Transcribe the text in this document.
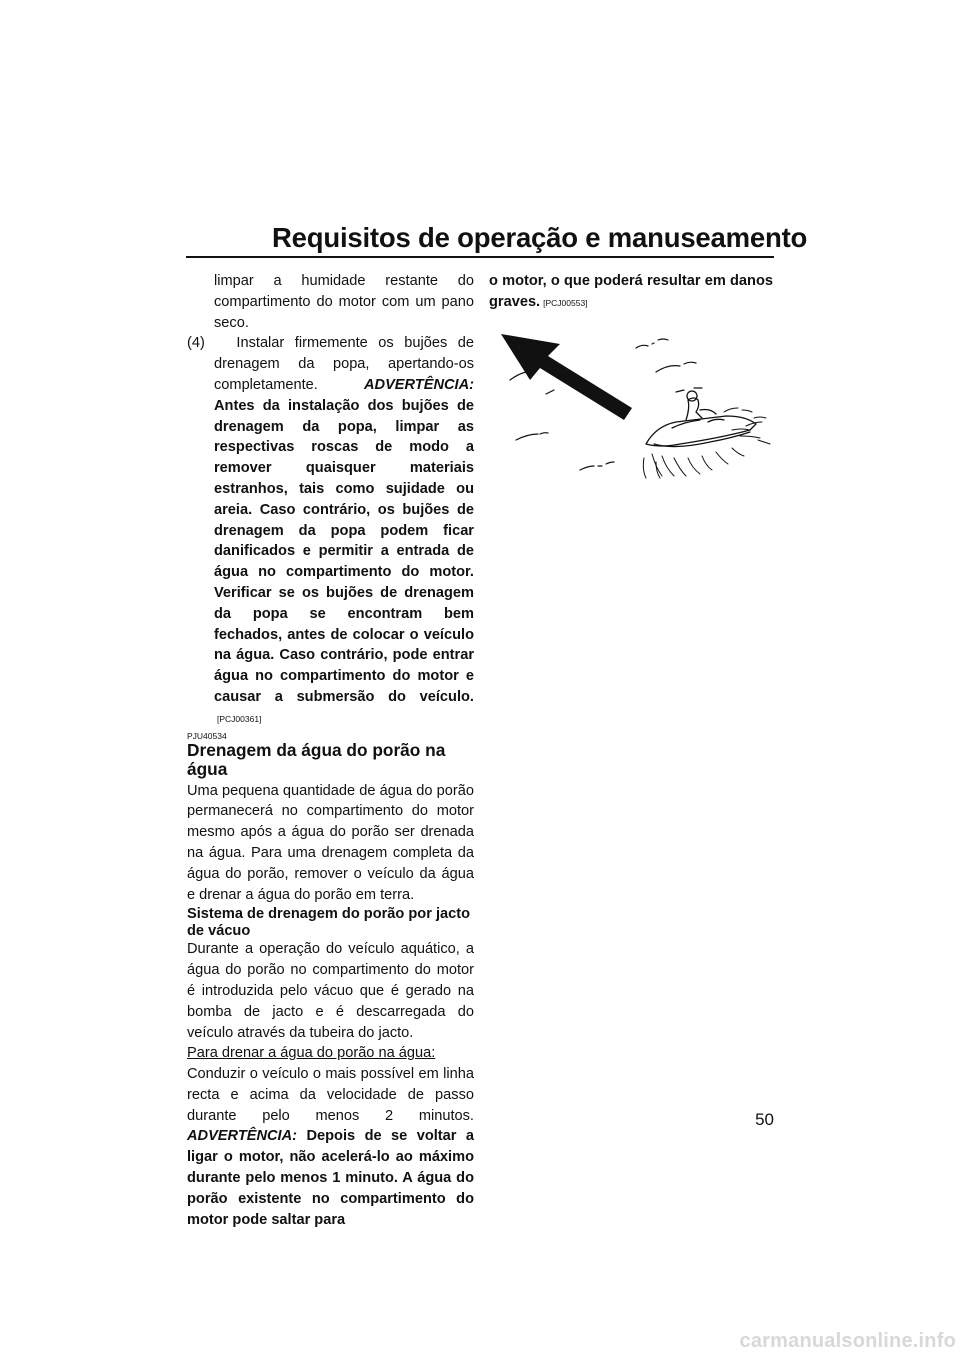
Requisitos de operação e manuseamento

limpar a humidade restante do compartimento do motor com um pano seco.

(4) Instalar firmemente os bujões de drenagem da popa, apertando-os completamente.	ADVERTÊNCIA: Antes da instalação dos bujões de drenagem da popa, limpar as respectivas roscas de modo a remover quaisquer materiais estranhos, tais como sujidade ou areia. Caso contrário, os bujões de drenagem da popa podem ficar danificados e permitir a entrada de água no compartimento do motor. Verificar se os bujões de drenagem da popa se encontram bem fechados, antes de colocar o veículo na água. Caso contrário, pode entrar água no compartimento do motor e causar a submersão do veículo.[PCJ00361]

PJU40534

Drenagem da água do porão na água

Uma pequena quantidade de água do porão permanecerá no compartimento do motor mesmo após a água do porão ser drenada na água. Para uma drenagem completa da água do porão, remover o veículo da água e drenar a água do porão em terra.

Sistema de drenagem do porão por jacto de vácuo

Durante a operação do veículo aquático, a água do porão no compartimento do motor é introduzida pelo vácuo que é gerado na bomba de jacto e é descarregada do veículo através da tubeira do jacto.

Para drenar a água do porão na água:

Conduzir o veículo o mais possível em linha recta e acima da velocidade de passo durante pelo menos 2 minutos. ADVERTÊNCIA: Depois de se voltar a ligar o motor, não acelerá-lo ao máximo durante pelo menos 1 minuto. A água do porão existente no compartimento do motor pode saltar para

o motor, o que poderá resultar em danos graves. [PCJ00553]

50
carmanualsonline.info
